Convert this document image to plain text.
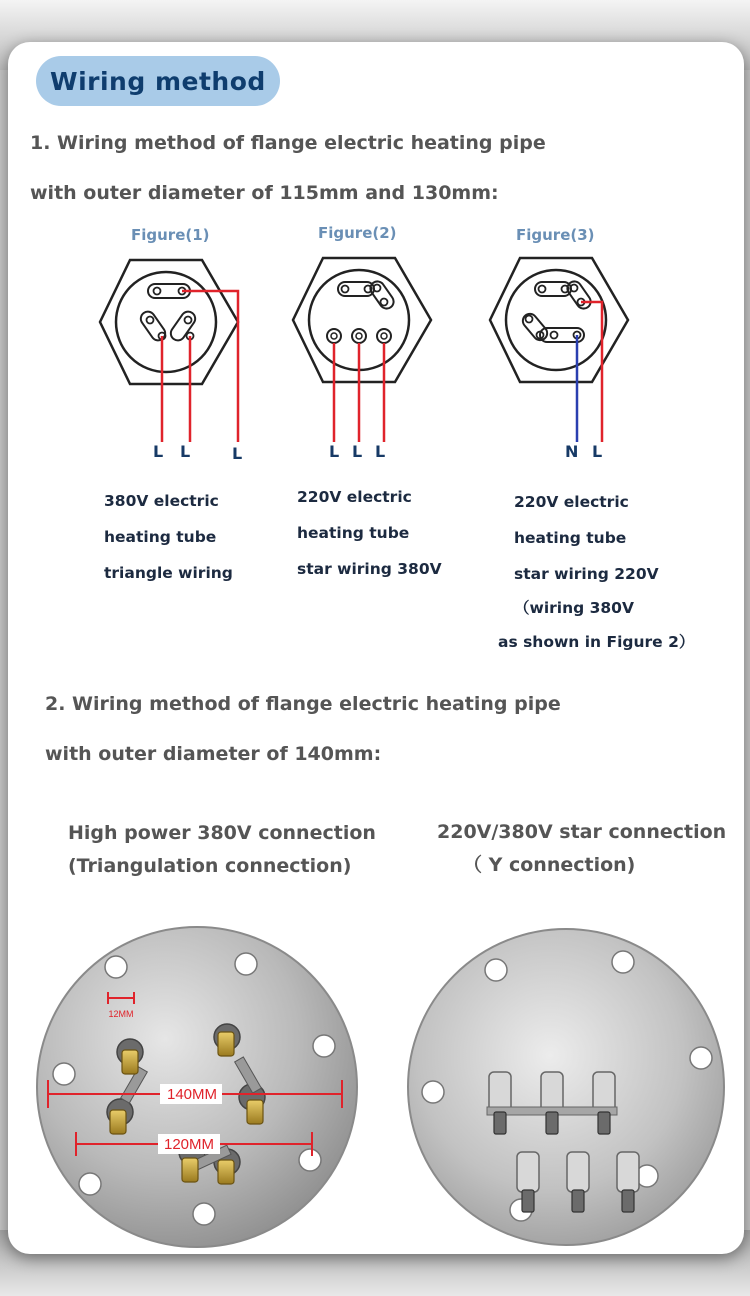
Wiring method
1. Wiring method of flange electric heating pipe
with outer diameter of 115mm and 130mm:
Figure(1)	Figure(2)	Figure(3)
L L	L	L L L	N L
380V electric
heating tube
triangle wiring
220V electric
heating tube
star wiring 380V
220V electric
heating tube
star wiring 220V
（wiring 380V
as shown in Figure 2）
2. Wiring method of flange electric heating pipe
with outer diameter of 140mm:
High power 380V connection
(Triangulation connection)
220V/380V star connection
（ Y connection)
140MM
120MM
12MM
